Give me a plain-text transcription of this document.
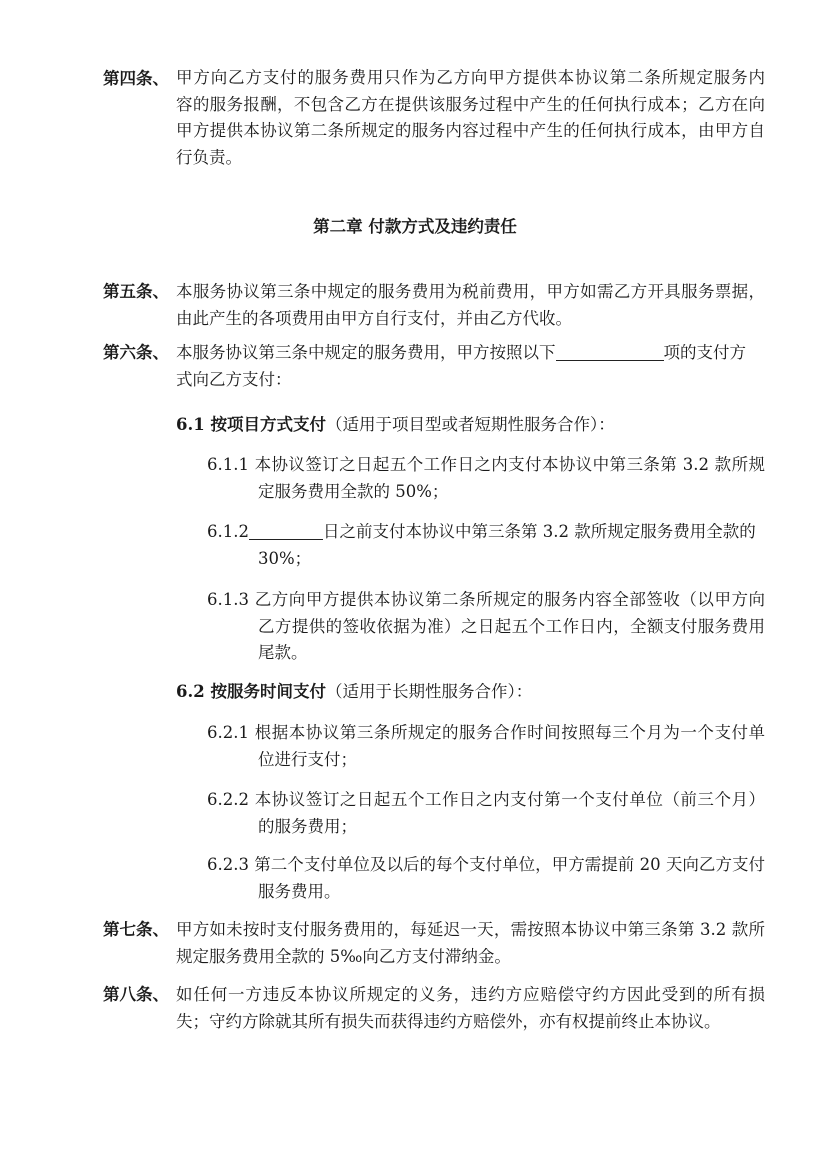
第四条、 甲方向乙方支付的服务费用只作为乙方向甲方提供本协议第二条所规定服务内
容的服务报酬，不包含乙方在提供该服务过程中产生的任何执行成本；乙方在向
甲方提供本协议第二条所规定的服务内容过程中产生的任何执行成本，由甲方自
行负责。
第二章 付款方式及违约责任
第五条、 本服务协议第三条中规定的服务费用为税前费用，甲方如需乙方开具服务票据，
由此产生的各项费用由甲方自行支付，并由乙方代收。
第六条、 本服务协议第三条中规定的服务费用，甲方按照以下	项的支付方
式向乙方支付：
6.1 按项目方式支付（适用于项目型或者短期性服务合作）：
6.1.1 本协议签订之日起五个工作日之内支付本协议中第三条第 3.2 款所规
定服务费用全款的 50%；
6.1.2	日之前支付本协议中第三条第 3.2 款所规定服务费用全款的
30%；
6.1.3 乙方向甲方提供本协议第二条所规定的服务内容全部签收（以甲方向
乙方提供的签收依据为准）之日起五个工作日内，全额支付服务费用
尾款。
6.2 按服务时间支付（适用于长期性服务合作）：
6.2.1 根据本协议第三条所规定的服务合作时间按照每三个月为一个支付单
位进行支付；
6.2.2 本协议签订之日起五个工作日之内支付第一个支付单位（前三个月）
的服务费用；
6.2.3 第二个支付单位及以后的每个支付单位，甲方需提前 20 天向乙方支付
服务费用。
第七条、 甲方如未按时支付服务费用的，每延迟一天，需按照本协议中第三条第 3.2 款所
规定服务费用全款的 5‰向乙方支付滞纳金。
第八条、 如任何一方违反本协议所规定的义务，违约方应赔偿守约方因此受到的所有损
失；守约方除就其所有损失而获得违约方赔偿外，亦有权提前终止本协议。
